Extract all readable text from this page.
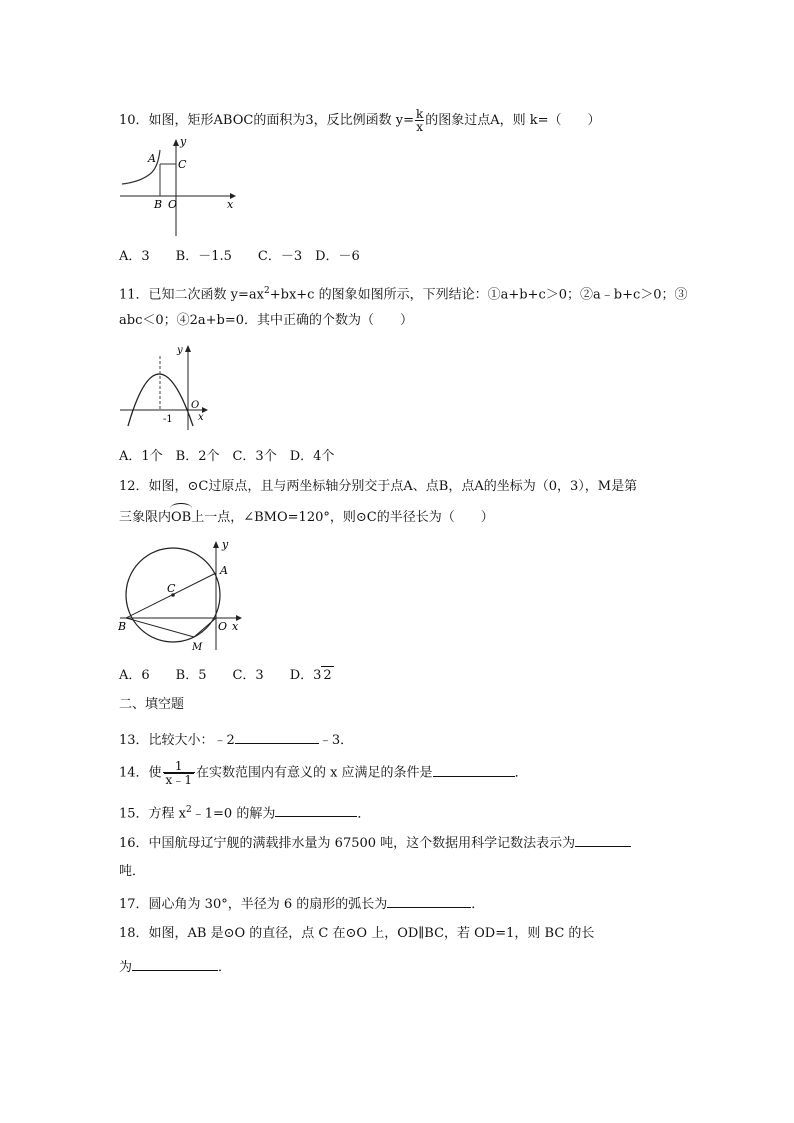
10．如图，矩形ABOC的面积为3，反比例函数 $y= \frac{k}{x}$ 的图象过点A，则 k=（　　）
y
x
A C
B O
A．3　　B．－1.5　　C．－3　D．－6
11．已知二次函数 $y=ax^2+bx+c$ 的图象如图所示，下列结论：①a+b+c＞0；②a﹣b+c＞0；③
abc＜0；④2a+b=0．其中正确的个数为（　　）
y
x
O
-1
A．1个　B．2个　C．3个　D．4个
12．如图，⊙C过原点，且与两坐标轴分别交于点A、点B，点A的坐标为（0，3），M是第
三象限内OB上一点，∠BMO=120°，则⊙C的半径长为（　　）
y
x
A
C
B	O
M
A．6　　B．5　　C．3　　D．3 2
二、填空题
13．比较大小：﹣2	﹣3．
14．使 $\frac{1}{x﹣1}$ 在实数范围内有意义的 x 应满足的条件是	．
15．方程 $x^2﹣1=0$ 的解为	．
16．中国航母辽宁舰的满载排水量为 67500 吨，这个数据用科学记数法表示为
吨．
17．圆心角为 30°，半径为 6 的扇形的弧长为	．
18．如图，AB 是⊙O 的直径，点 C 在⊙O 上，OD∥BC，若 OD=1，则 BC 的长
为	．
